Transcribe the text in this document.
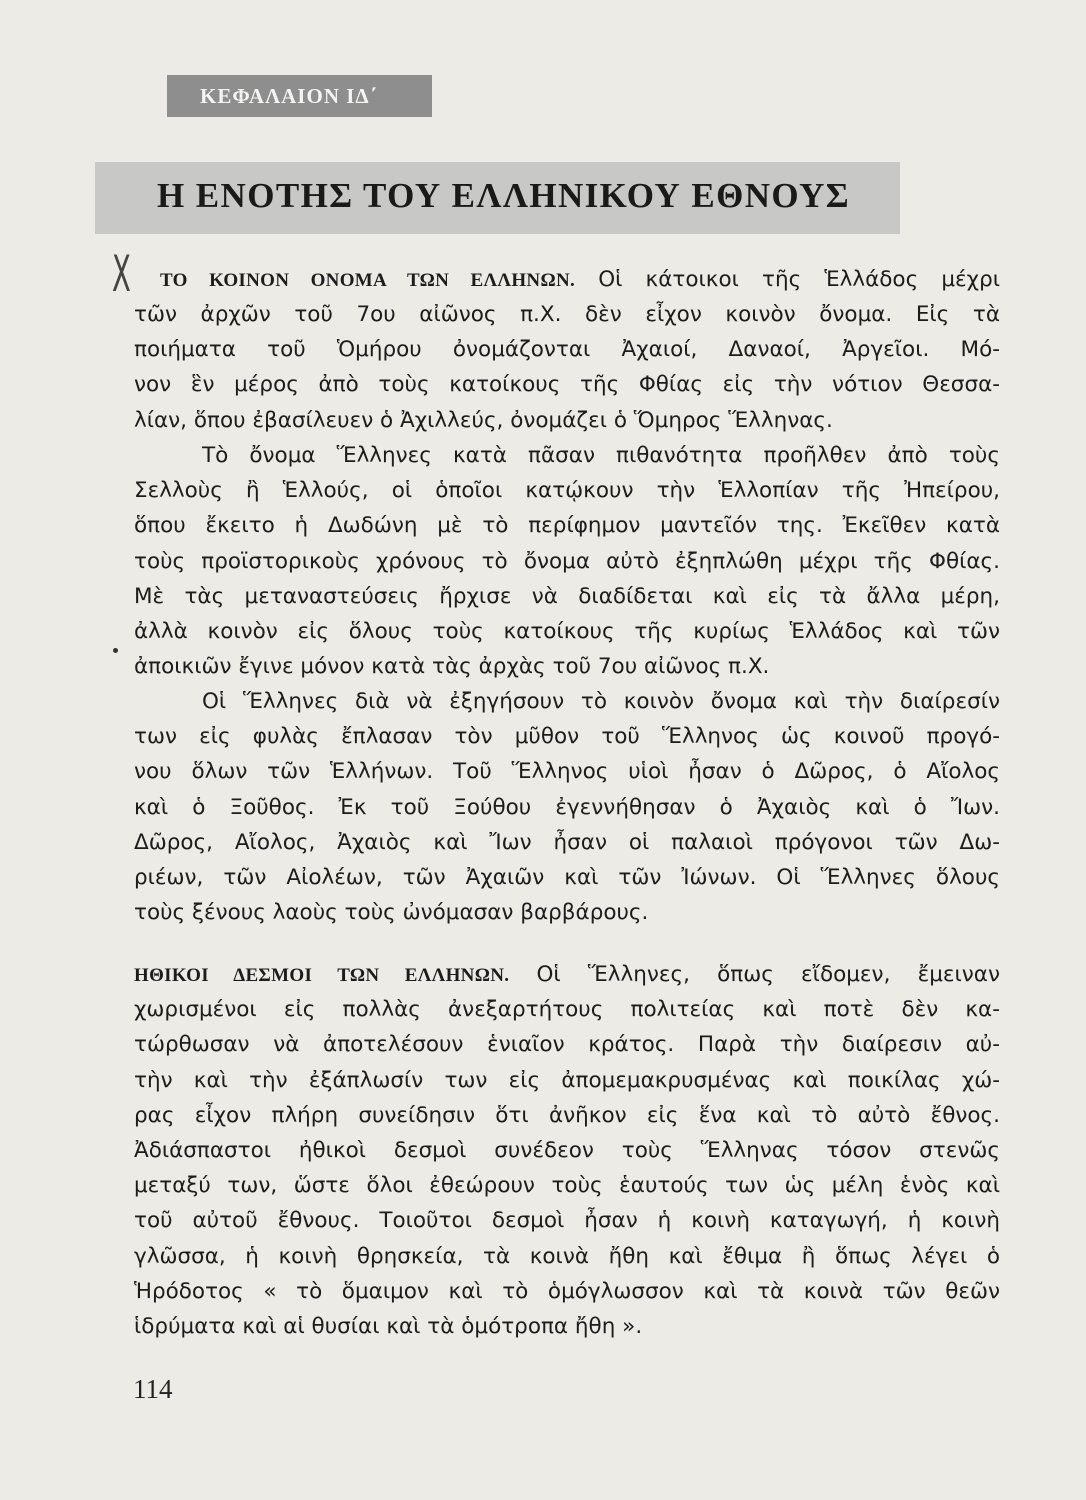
ΚΕΦΑΛΑΙΟΝ ΙΔ΄
Η ΕΝΟΤΗΣ ΤΟΥ ΕΛΛΗΝΙΚΟΥ ΕΘΝΟΥΣ
X ΤΟ ΚΟΙΝΟΝ ΟΝΟΜΑ ΤΩΝ ΕΛΛΗΝΩΝ. Οἱ κάτοικοι τῆς Ἑλλάδος μέχρι
τῶν ἀρχῶν τοῦ 7ου αἰῶνος π.Χ. δὲν εἶχον κοινὸν ὄνομα. Εἰς τὰ
ποιήματα τοῦ Ὁμήρου ὀνομάζονται Ἀχαιοί, Δαναοί, Ἀργεῖοι. Μό-
νον ἓν μέρος ἀπὸ τοὺς κατοίκους τῆς Φθίας εἰς τὴν νότιον Θεσσα-
λίαν, ὅπου ἐβασίλευεν ὁ Ἀχιλλεύς, ὀνομάζει ὁ Ὅμηρος Ἕλληνας.
Τὸ ὄνομα Ἕλληνες κατὰ πᾶσαν πιθανότητα προῆλθεν ἀπὸ τοὺς
Σελλοὺς ἢ Ἑλλούς, οἱ ὁποῖοι κατῴκουν τὴν Ἑλλοπίαν τῆς Ἠπείρου,
ὅπου ἔκειτο ἡ Δωδώνη μὲ τὸ περίφημον μαντεῖόν της. Ἐκεῖθεν κατὰ
τοὺς προϊστορικοὺς χρόνους τὸ ὄνομα αὐτὸ ἐξηπλώθη μέχρι τῆς Φθίας.
Μὲ τὰς μεταναστεύσεις ἤρχισε νὰ διαδίδεται καὶ εἰς τὰ ἄλλα μέρη,
ἀλλὰ κοινὸν εἰς ὅλους τοὺς κατοίκους τῆς κυρίως Ἑλλάδος καὶ τῶν
ἀποικιῶν ἔγινε μόνον κατὰ τὰς ἀρχὰς τοῦ 7ου αἰῶνος π.Χ.
Οἱ Ἕλληνες διὰ νὰ ἐξηγήσουν τὸ κοινὸν ὄνομα καὶ τὴν διαίρεσίν
των εἰς φυλὰς ἔπλασαν τὸν μῦθον τοῦ Ἕλληνος ὡς κοινοῦ προγό-
νου ὅλων τῶν Ἑλλήνων. Τοῦ Ἕλληνος υἱοὶ ἦσαν ὁ Δῶρος, ὁ Αἴολος
καὶ ὁ Ξοῦθος. Ἐκ τοῦ Ξούθου ἐγεννήθησαν ὁ Ἀχαιὸς καὶ ὁ Ἴων.
Δῶρος, Αἴολος, Ἀχαιὸς καὶ Ἴων ἦσαν οἱ παλαιοὶ πρόγονοι τῶν Δω-
ριέων, τῶν Αἰολέων, τῶν Ἀχαιῶν καὶ τῶν Ἰώνων. Οἱ Ἕλληνες ὅλους
τοὺς ξένους λαοὺς τοὺς ὠνόμασαν βαρβάρους.
ΗΘΙΚΟΙ ΔΕΣΜΟΙ ΤΩΝ ΕΛΛΗΝΩΝ. Οἱ Ἕλληνες, ὅπως εἴδομεν, ἔμειναν
χωρισμένοι εἰς πολλὰς ἀνεξαρτήτους πολιτείας καὶ ποτὲ δὲν κα-
τώρθωσαν νὰ ἀποτελέσουν ἑνιαῖον κράτος. Παρὰ τὴν διαίρεσιν αὐ-
τὴν καὶ τὴν ἐξάπλωσίν των εἰς ἀπομεμακρυσμένας καὶ ποικίλας χώ-
ρας εἶχον πλήρη συνείδησιν ὅτι ἀνῆκον εἰς ἕνα καὶ τὸ αὐτὸ ἔθνος.
Ἀδιάσπαστοι ἠθικοὶ δεσμοὶ συνέδεον τοὺς Ἕλληνας τόσον στενῶς
μεταξύ των, ὥστε ὅλοι ἐθεώρουν τοὺς ἑαυτούς των ὡς μέλη ἑνὸς καὶ
τοῦ αὐτοῦ ἔθνους. Τοιοῦτοι δεσμοὶ ἦσαν ἡ κοινὴ καταγωγή, ἡ κοινὴ
γλῶσσα, ἡ κοινὴ θρησκεία, τὰ κοινὰ ἤθη καὶ ἔθιμα ἢ ὅπως λέγει ὁ
Ἡρόδοτος « τὸ ὅμαιμον καὶ τὸ ὁμόγλωσσον καὶ τὰ κοινὰ τῶν θεῶν
ἱδρύματα καὶ αἱ θυσίαι καὶ τὰ ὁμότροπα ἤθη ».
114
